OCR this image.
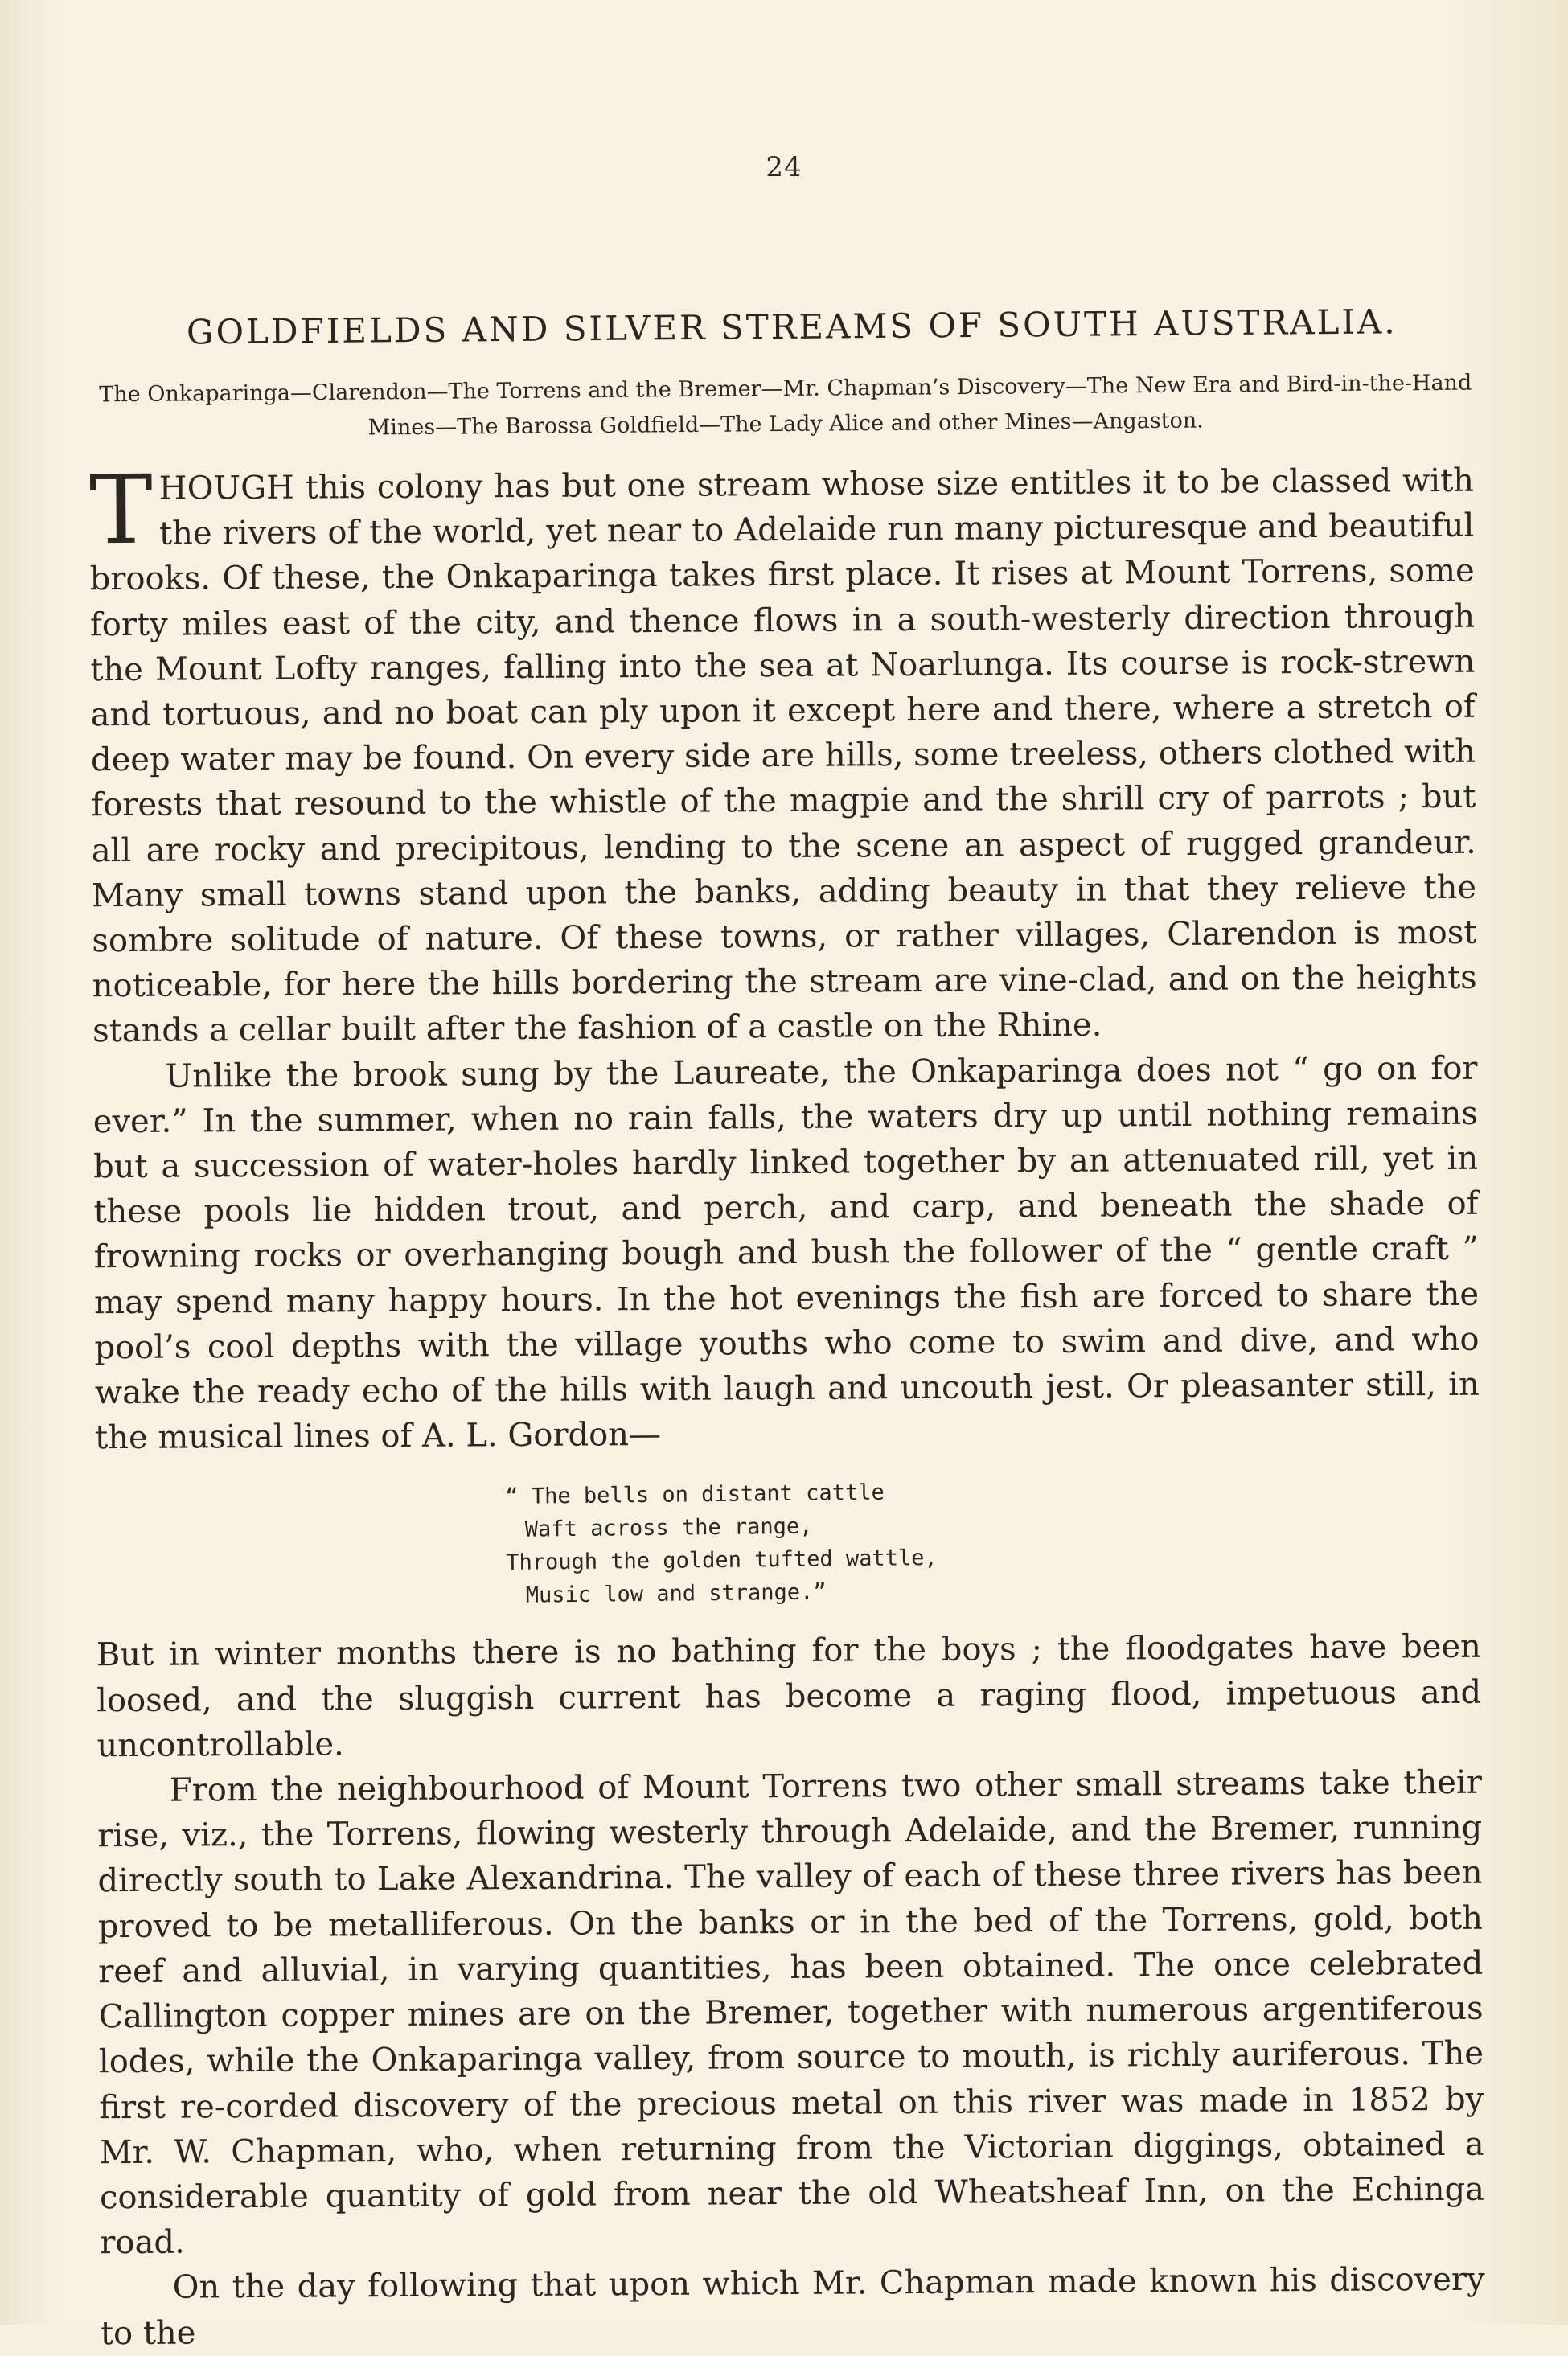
24
GOLDFIELDS AND SILVER STREAMS OF SOUTH AUSTRALIA.
The Onkaparinga—Clarendon—The Torrens and the Bremer—Mr. Chapman’s Discovery—The New Era and Bird-in-the-Hand Mines—The Barossa Goldfield—The Lady Alice and other Mines—Angaston.

THOUGH this colony has but one stream whose size entitles it to be classed with the rivers of the world, yet near to Adelaide run many picturesque and beautiful brooks. Of these, the Onkaparinga takes first place. It rises at Mount Torrens, some forty miles east of the city, and thence flows in a south-westerly direction through the Mount Lofty ranges, falling into the sea at Noarlunga. Its course is rock-strewn and tortuous, and no boat can ply upon it except here and there, where a stretch of deep water may be found. On every side are hills, some treeless, others clothed with forests that resound to the whistle of the magpie and the shrill cry of parrots ; but all are rocky and precipitous, lending to the scene an aspect of rugged grandeur. Many small towns stand upon the banks, adding beauty in that they relieve the sombre solitude of nature. Of these towns, or rather villages, Clarendon is most noticeable, for here the hills bordering the stream are vine-clad, and on the heights stands a cellar built after the fashion of a castle on the Rhine.

Unlike the brook sung by the Laureate, the Onkaparinga does not “ go on for ever.” In the summer, when no rain falls, the waters dry up until nothing remains but a succession of water-holes hardly linked together by an attenuated rill, yet in these pools lie hidden trout, and perch, and carp, and beneath the shade of frowning rocks or overhanging bough and bush the follower of the “ gentle craft ” may spend many happy hours. In the hot evenings the fish are forced to share the pool’s cool depths with the village youths who come to swim and dive, and who wake the ready echo of the hills with laugh and uncouth jest. Or pleasanter still, in the musical lines of A. L. Gordon—

“ The bells on distant cattle
Waft across the range,
Through the golden tufted wattle,
Music low and strange.”

But in winter months there is no bathing for the boys ; the floodgates have been loosed, and the sluggish current has become a raging flood, impetuous and uncontrollable.

From the neighbourhood of Mount Torrens two other small streams take their rise, viz., the Torrens, flowing westerly through Adelaide, and the Bremer, running directly south to Lake Alexandrina. The valley of each of these three rivers has been proved to be metalliferous. On the banks or in the bed of the Torrens, gold, both reef and alluvial, in varying quantities, has been obtained. The once celebrated Callington copper mines are on the Bremer, together with numerous argentiferous lodes, while the Onkaparinga valley, from source to mouth, is richly auriferous. The first re-corded discovery of the precious metal on this river was made in 1852 by Mr. W. Chapman, who, when returning from the Victorian diggings, obtained a considerable quantity of gold from near the old Wheatsheaf Inn, on the Echinga road.

On the day following that upon which Mr. Chapman made known his discovery to the
